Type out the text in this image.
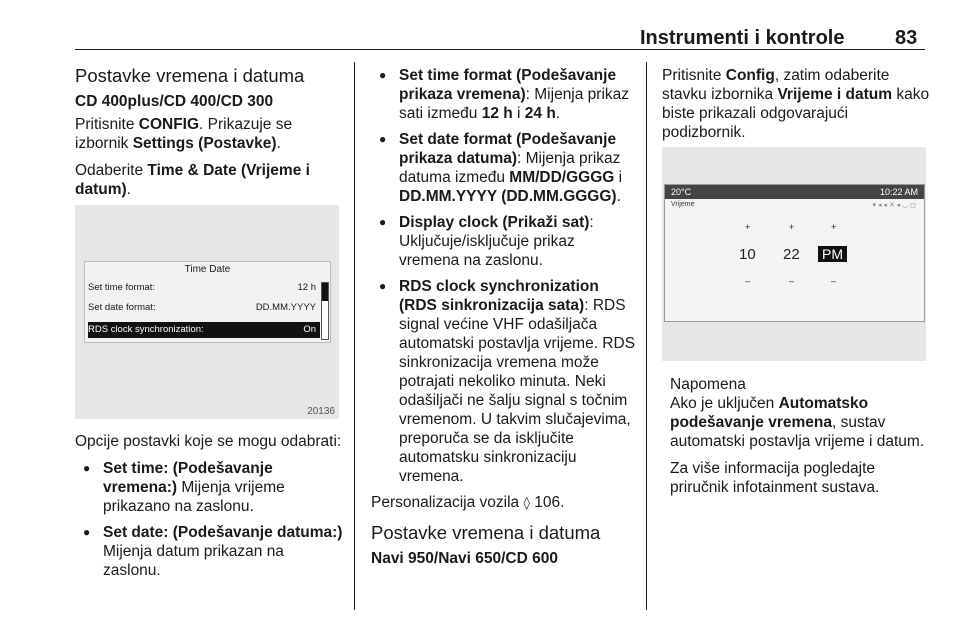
Instrumenti i kontrole	83
Postavke vremena i datuma
CD 400plus/CD 400/CD 300

Pritisnite CONFIG. Prikazuje se izbornik Settings (Postavke).

Odaberite Time & Date (Vrijeme i datum).

Time Date
Set time format:	12 h
Set date format:	DD.MM.YYYY
RDS clock synchronization:	On
20136

Opcije postavki koje se mogu odabrati:

● Set time: (Podešavanje vremena:) Mijenja vrijeme prikazano na zaslonu.
● Set date: (Podešavanje datuma:) Mijenja datum prikazan na zaslonu.
● Set time format (Podešavanje prikaza vremena): Mijenja prikaz sati između 12 h i 24 h.
● Set date format (Podešavanje prikaza datuma): Mijenja prikaz datuma između MM/DD/GGGG i DD.MM.YYYY (DD.MM.GGGG).
● Display clock (Prikaži sat): Uključuje/isključuje prikaz vremena na zaslonu.
● RDS clock synchronization (RDS sinkronizacija sata): RDS signal većine VHF odašiljača automatski postavlja vrijeme. RDS sinkronizacija vremena može potrajati nekoliko minuta. Neki odašiljači ne šalju signal s točnim vremenom. U takvim slučajevima, preporuča se da isključite automatsku sinkronizaciju vremena.

Personalizacija vozila ◊ 106.

Postavke vremena i datuma
Navi 950/Navi 650/CD 600

Pritisnite Config, zatim odaberite stavku izbornika Vrijeme i datum kako biste prikazali odgovarajući podizbornik.

20°C	10:22 AM
Vrijeme	▾ ◂ ◂ ✕ ◂ ◡ ◻
+	+	+
10 22 PM
–	–	–
Napomena

Ako je uključen Automatsko podešavanje vremena, sustav automatski postavlja vrijeme i datum.

Za više informacija pogledajte priručnik infotainment sustava.
